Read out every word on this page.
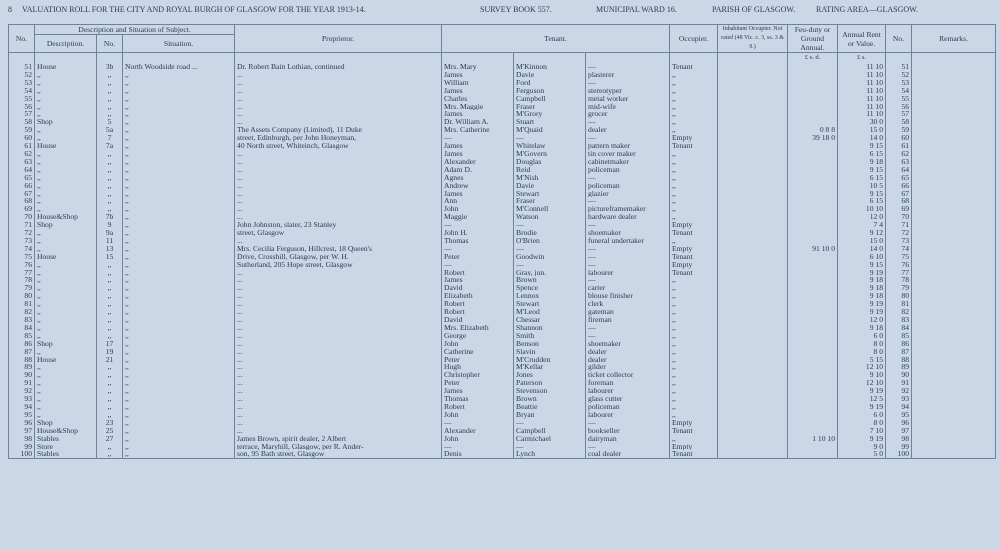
8 VALUATION ROLL FOR THE CITY AND ROYAL BURGH OF GLASGOW FOR THE YEAR 1913-14.	SURVEY BOOK 557.	MUNICIPAL WARD 16.	PARISH OF GLASGOW.	RATING AREA—GLASGOW.
No.	Description and Situation of Subject.			Proprietor.	Tenant.			Occupier.	Inhabitant Occupier. Not rated (48 Vic. c. 3, ss. 3 & 9.)	Feu-duty or Ground Annual.	Annual Rent or Value.	No.	Remarks.
	Description.	No.	Situation.										
										£ s. d.	£ s.		
51	House	3b	North Woodside road ...	Dr. Robert Bain Lothian, continued	Mrs. Mary	M'Kinnon	—	Tenant			11 10	51	
52	,,	,,	,,	...	James	Davie	plasterer	,,			11 10	52	
53	,,	,,	,,	...	William	Ford	—	,,			11 10	53	
54	,,	,,	,,	...	James	Ferguson	stereotyper	,,			11 10	54	
55	,,	,,	,,	...	Charles	Campbell	metal worker	,,			11 10	55	
56	,,	,,	,,	...	Mrs. Maggie	Fraser	mid-wife	,,			11 10	56	
57	,,	,,	,,	...	James	M'Grory	grocer	,,			11 10	57	
58	Shop	5	,,	...	Dr. William A.	Stuart	—	,,			30 0	58	
59	,,	5a	,,	The Assets Company (Limited), 11 Duke	Mrs. Catherine	M'Quaid	dealer	,,		0 8 8	15 0	59	
60	,,	7	,,	street, Edinburgh, per John Honeyman,	—	—	—	Empty		39 18 0	14 0	60	
61	House	7a	,,	40 North street, Whiteinch, Glasgow	James	Whitelaw	pattern maker	Tenant			9 15	61	
62	,,	,,	,,	...	James	M'Govern	tin cover maker	,,			6 15	62	
63	,,	,,	,,	...	Alexander	Douglas	cabinetmaker	,,			9 18	63	
64	,,	,,	,,	...	Adam D.	Reid	policeman	,,			9 15	64	
65	,,	,,	,,	...	Agnes	M'Nish	—	,,			6 15	65	
66	,,	,,	,,	...	Andrew	Davie	policeman	,,			10 5	66	
67	,,	,,	,,	...	James	Stewart	glazier	,,			9 15	67	
68	,,	,,	,,	...	Ann	Fraser	—	,,			6 15	68	
69	,,	,,	,,	...	John	M'Connell	pictureframemaker	,,			10 10	69	
70	House&Shop	7b	,,	...	Maggie	Watson	hardware dealer	,,			12 0	70	
71	Shop	9	,,	John Johnston, slater, 23 Stanley	—	—	—	Empty			7 4	71	
72	,,	9a	,,	street, Glasgow	John H.	Brodie	shoemaker	Tenant			9 12	72	
73	,,	11	,,	...	Thomas	O'Brien	funeral undertaker	,,			15 0	73	
74	,,	13	,,	Mrs. Cecilia Ferguson, Hillcrest, 18 Queen's	—	—	—	Empty		91 10 0	14 0	74	
75	House	15	,,	Drive, Crosshill, Glasgow, per W. H.	Peter	Goodwin	—	Tenant			6 10	75	
76	,,	,,	,,	Sutherland, 205 Hope street, Glasgow	—	—	—	Empty			9 15	76	
77	,,	,,	,,	...	Robert	Gray, jun.	labourer	Tenant			9 19	77	
78	,,	,,	,,	...	James	Brown	—	,,			9 18	78	
79	,,	,,	,,	...	David	Spence	carter	,,			9 18	79	
80	,,	,,	,,	...	Elizabeth	Lennox	blouse finisher	,,			9 18	80	
81	,,	,,	,,	...	Robert	Stewart	clerk	,,			9 19	81	
82	,,	,,	,,	...	Robert	M'Leod	gateman	,,			9 19	82	
83	,,	,,	,,	...	David	Chessar	fireman	,,			12 0	83	
84	,,	,,	,,	...	Mrs. Elizabeth	Shannon	—	,,			9 18	84	
85	,,	,,	,,	...	George	Smith	—	,,			6 0	85	
86	Shop	17	,,	...	John	Benson	shoemaker	,,			8 0	86	
87	,,	19	,,	...	Catherine	Slavin	dealer	,,			8 0	87	
88	House	21	,,	...	Peter	M'Crudden	dealer	,,			5 15	88	
89	,,	,,	,,	...	Hugh	M'Kellar	gilder	,,			12 10	89	
90	,,	,,	,,	...	Christopher	Jones	ticket collector	,,			9 10	90	
91	,,	,,	,,	...	Peter	Paterson	foreman	,,			12 10	91	
92	,,	,,	,,	...	James	Stevenson	labourer	,,			9 19	92	
93	,,	,,	,,	...	Thomas	Brown	glass cutter	,,			12 5	93	
94	,,	,,	,,	...	Robert	Beattie	policeman	,,			9 19	94	
95	,,	,,	,,	...	John	Bryan	labourer	,,			6 0	95	
96	Shop	23	,,	...	—	—	—	Empty			8 0	96	
97	House&Shop	25	,,	...	Alexander	Campbell	bookseller	Tenant			7 10	97	
98	Stables	27	,,	James Brown, spirit dealer, 2 Albert	John	Carmichael	dairyman	,,		1 10 10	9 19	98	
99	Store	,,	,,	terrace, Maryhill, Glasgow, per R. Ander-	—	—	—	Empty			9 0	99	
100	Stables	,,	,,	son, 95 Bath street, Glasgow	Denis	Lynch	coal dealer	Tenant			5 0	100	
